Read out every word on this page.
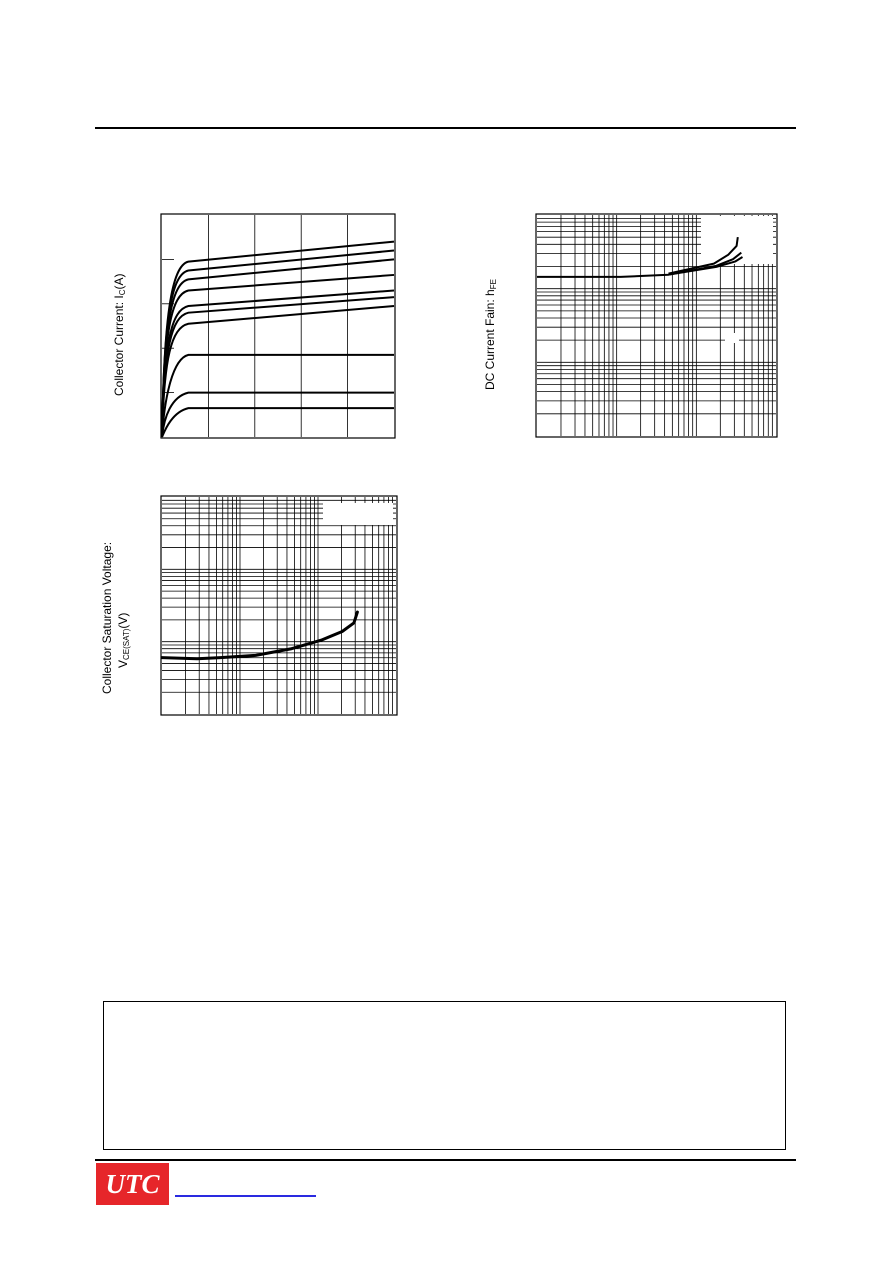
Collector Current: $I_C(A)$
DC Current Fain: $h_{FE}$
Collector Saturation Voltage: $V_{CE(SAT)}(V)$
UTC
